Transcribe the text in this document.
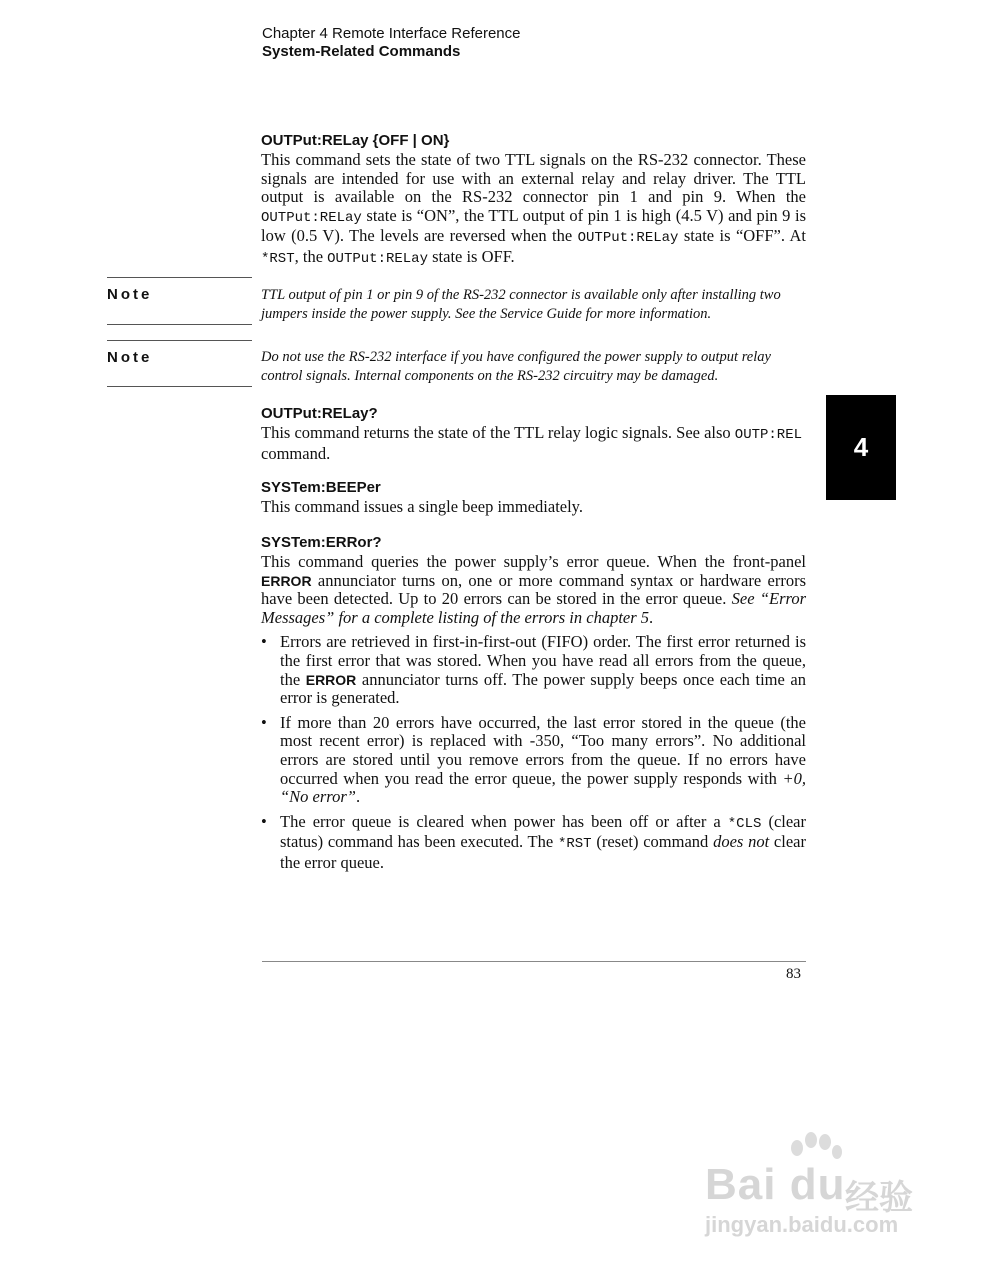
Chapter 4 Remote Interface Reference
System-Related Commands

OUTPut:RELay {OFF | ON}

This command sets the state of two TTL signals on the RS-232 connector. These signals are intended for use with an external relay and relay driver. The TTL output is available on the RS-232 connector pin 1 and pin 9. When the OUTPut:RELay state is “ON”, the TTL output of pin 1 is high (4.5 V) and pin 9 is low (0.5 V). The levels are reversed when the OUTPut:RELay state is “OFF”. At *RST, the OUTPut:RELay state is OFF.

Note	TTL output of pin 1 or pin 9 of the RS-232 connector is available only after installing two jumpers inside the power supply. See the Service Guide for more information.
Note	Do not use the RS-232 interface if you have configured the power supply to output relay control signals. Internal components on the RS-232 circuitry may be damaged.

OUTPut:RELay?

This command returns the state of the TTL relay logic signals. See also OUTP:REL command.

SYSTem:BEEPer

This command issues a single beep immediately.

SYSTem:ERRor?

This command queries the power supply’s error queue. When the front-panel ERROR annunciator turns on, one or more command syntax or hardware errors have been detected. Up to 20 errors can be stored in the error queue. See “Error Messages” for a complete listing of the errors in chapter 5.

• Errors are retrieved in first-in-first-out (FIFO) order. The first error returned is the first error that was stored. When you have read all errors from the queue, the ERROR annunciator turns off. The power supply beeps once each time an error is generated.
• If more than 20 errors have occurred, the last error stored in the queue (the most recent error) is replaced with -350, “Too many errors”. No additional errors are stored until you remove errors from the queue. If no errors have occurred when you read the error queue, the power supply responds with +0, “No error”.
• The error queue is cleared when power has been off or after a *CLS (clear status) command has been executed. The *RST (reset) command does not clear the error queue.
4
83
Bai du 经验
jingyan.baidu.com
